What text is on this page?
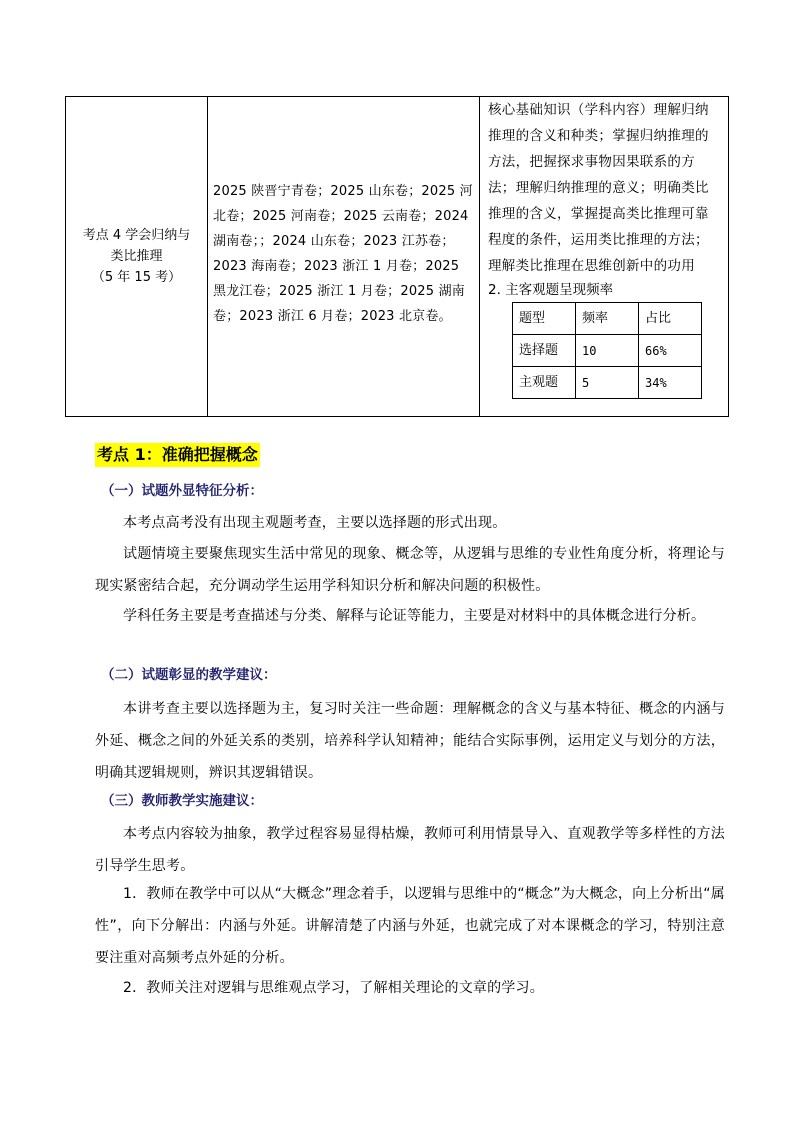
考点 4 学会归纳与
类比推理
（5 年 15 考）

2025 陕晋宁青卷；2025 山东卷；2025 河北卷；2025 河南卷；2025 云南卷；2024 湖南卷；；2024 山东卷；2023 江苏卷；2023 海南卷；2023 浙江 1 月卷；2025 黑龙江卷；2025 浙江 1 月卷；2025 湖南卷；2023 浙江 6 月卷；2023 北京卷。

核心基础知识（学科内容）理解归纳推理的含义和种类；掌握归纳推理的方法，把握探求事物因果联系的方法；理解归纳推理的意义；明确类比推理的含义，掌握提高类比推理可靠程度的条件，运用类比推理的方法；理解类比推理在思维创新中的功用
2. 主客观题呈现频率
题型	频率	占比
选择题	10	66%
主观题	5	34%
考点 1：准确把握概念
（一）试题外显特征分析：
本考点高考没有出现主观题考查，主要以选择题的形式出现。
试题情境主要聚焦现实生活中常见的现象、概念等，从逻辑与思维的专业性角度分析，将理论与现实紧密结合起，充分调动学生运用学科知识分析和解决问题的积极性。
学科任务主要是考查描述与分类、解释与论证等能力，主要是对材料中的具体概念进行分析。
（二）试题彰显的教学建议：
本讲考查主要以选择题为主，复习时关注一些命题：理解概念的含义与基本特征、概念的内涵与外延、概念之间的外延关系的类别，培养科学认知精神；能结合实际事例，运用定义与划分的方法，明确其逻辑规则，辨识其逻辑错误。
（三）教师教学实施建议：
本考点内容较为抽象，教学过程容易显得枯燥，教师可利用情景导入、直观教学等多样性的方法引导学生思考。
1．教师在教学中可以从“大概念”理念着手，以逻辑与思维中的“概念”为大概念，向上分析出“属性”，向下分解出：内涵与外延。讲解清楚了内涵与外延，也就完成了对本课概念的学习，特别注意要注重对高频考点外延的分析。
2．教师关注对逻辑与思维观点学习，了解相关理论的文章的学习。
